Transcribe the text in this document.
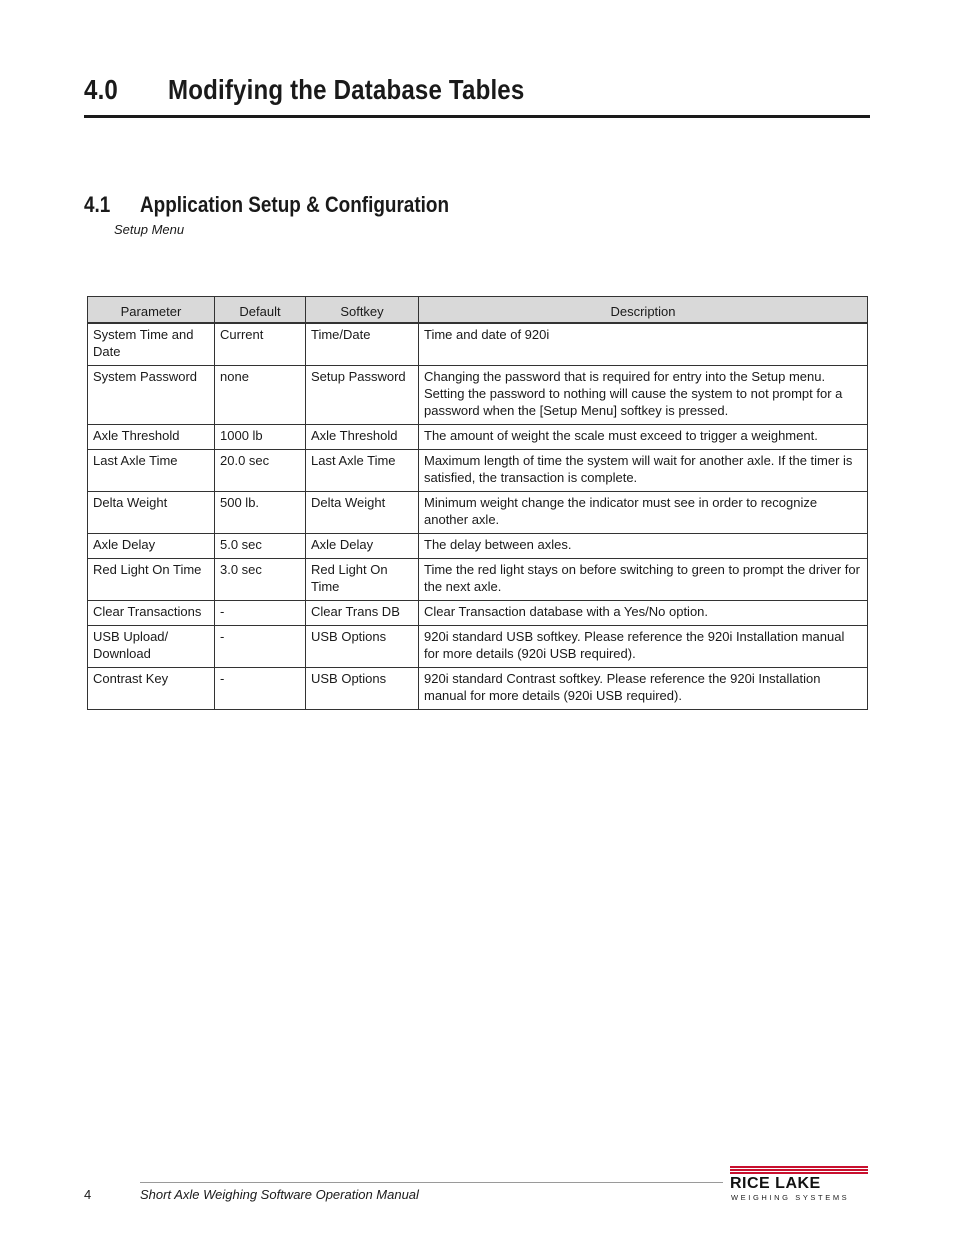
4.0 Modifying the Database Tables
4.1 Application Setup & Configuration
Setup Menu
Parameter	Default	Softkey	Description
System Time and Date	Current	Time/Date	Time and date of 920i
System Password	none	Setup Password	Changing the password that is required for entry into the Setup menu. Setting the password to nothing will cause the system to not prompt for a password when the [Setup Menu] softkey is pressed.
Axle Threshold	1000 lb	Axle Threshold	The amount of weight the scale must exceed to trigger a weighment.
Last Axle Time	20.0 sec	Last Axle Time	Maximum length of time the system will wait for another axle. If the timer is satisfied, the transaction is complete.
Delta Weight	500 lb.	Delta Weight	Minimum weight change the indicator must see in order to recognize another axle.
Axle Delay	5.0 sec	Axle Delay	The delay between axles.
Red Light On Time	3.0 sec	Red Light On Time	Time the red light stays on before switching to green to prompt the driver for the next axle.
Clear Transactions	-	Clear Trans DB	Clear Transaction database with a Yes/No option.
USB Upload/ Download	-	USB Options	920i standard USB softkey. Please reference the 920i Installation manual for more details (920i USB required).
Contrast Key	-	USB Options	920i standard Contrast softkey. Please reference the 920i Installation manual for more details (920i USB required).
4	Short Axle Weighing Software Operation Manual
RICE LAKE
WEIGHING SYSTEMS
